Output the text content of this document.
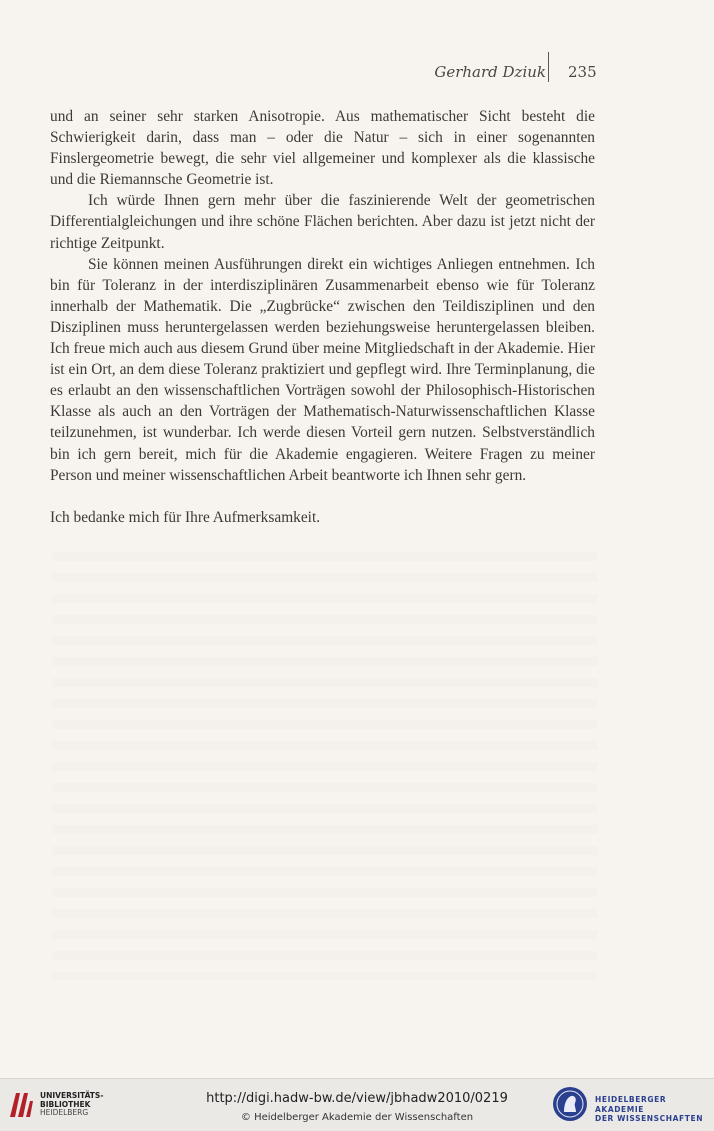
Gerhard Dziuk 235

und an seiner sehr starken Anisotropie. Aus mathematischer Sicht besteht die Schwierigkeit darin, dass man – oder die Natur – sich in einer sogenannten Finslergeometrie bewegt, die sehr viel allgemeiner und komplexer als die klassische und die Riemannsche Geometrie ist.

Ich würde Ihnen gern mehr über die faszinierende Welt der geometrischen Differentialgleichungen und ihre schöne Flächen berichten. Aber dazu ist jetzt nicht der richtige Zeitpunkt.

Sie können meinen Ausführungen direkt ein wichtiges Anliegen entnehmen. Ich bin für Toleranz in der interdisziplinären Zusammenarbeit ebenso wie für Toleranz innerhalb der Mathematik. Die „Zugbrücke“ zwischen den Teildisziplinen und den Disziplinen muss heruntergelassen werden beziehungsweise heruntergelassen bleiben. Ich freue mich auch aus diesem Grund über meine Mitgliedschaft in der Akademie. Hier ist ein Ort, an dem diese Toleranz praktiziert und gepflegt wird. Ihre Terminplanung, die es erlaubt an den wissenschaftlichen Vorträgen sowohl der Philosophisch-Historischen Klasse als auch an den Vorträgen der Mathematisch-Naturwissenschaftlichen Klasse teilzunehmen, ist wunderbar. Ich werde diesen Vorteil gern nutzen. Selbstverständlich bin ich gern bereit, mich für die Akademie engagieren. Weitere Fragen zu meiner Person und meiner wissenschaftlichen Arbeit beantworte ich Ihnen sehr gern.

Ich bedanke mich für Ihre Aufmerksamkeit.

UNIVERSITÄTS-
BIBLIOTHEK
HEIDELBERG
http://digi.hadw-bw.de/view/jbhadw2010/0219
© Heidelberger Akademie der Wissenschaften
HEIDELBERGER AKADEMIE
DER WISSENSCHAFTEN
